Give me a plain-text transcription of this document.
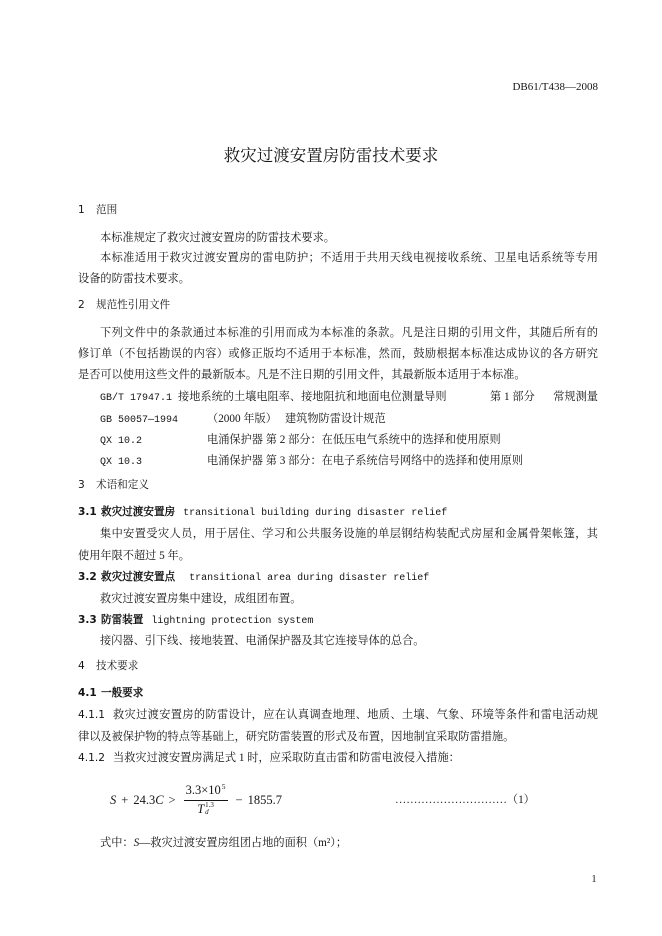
DB61/T438—2008
救灾过渡安置房防雷技术要求
1	范围
本标准规定了救灾过渡安置房的防雷技术要求。
本标准适用于救灾过渡安置房的雷电防护；不适用于共用天线电视接收系统、卫星电话系统等专用
设备的防雷技术要求。
2	规范性引用文件
下列文件中的条款通过本标准的引用而成为本标准的条款。凡是注日期的引用文件，其随后所有的
修订单（不包括勘误的内容）或修正版均不适用于本标准，然而，鼓励根据本标准达成协议的各方研究
是否可以使用这些文件的最新版本。凡是不注日期的引用文件，其最新版本适用于本标准。
GB/T 17947.1 接地系统的土壤电阻率、接地阻抗和地面电位测量导则	第 1 部分 常规测量
GB 50057—1994	（2000 年版） 建筑物防雷设计规范
QX 10.2	电涌保护器 第 2 部分：在低压电气系统中的选择和使用原则
QX 10.3	电涌保护器 第 3 部分：在电子系统信号网络中的选择和使用原则
3	术语和定义
3.1 救灾过渡安置房 transitional building during disaster relief
集中安置受灾人员，用于居住、学习和公共服务设施的单层钢结构装配式房屋和金属骨架帐篷，其
使用年限不超过 5 年。
3.2 救灾过渡安置点 transitional area during disaster relief
救灾过渡安置房集中建设，成组团布置。
3.3 防雷装置 lightning protection system
接闪器、引下线、接地装置、电涌保护器及其它连接导体的总合。
4	技术要求
4.1 一般要求
4.1.1 救灾过渡安置房的防雷设计，应在认真调查地理、地质、土壤、气象、环境等条件和雷电活动规
律以及被保护物的特点等基础上，研究防雷装置的形式及布置，因地制宜采取防雷措施。
4.1.2 当救灾过渡安置房满足式 1 时，应采取防直击雷和防雷电波侵入措施：
S + 24.3 $C > 3.3\times 10^5$
T 1.3
d − 1855.7	…………………………（1）
式中：S—救灾过渡安置房组团占地的面积（m²）；
1
